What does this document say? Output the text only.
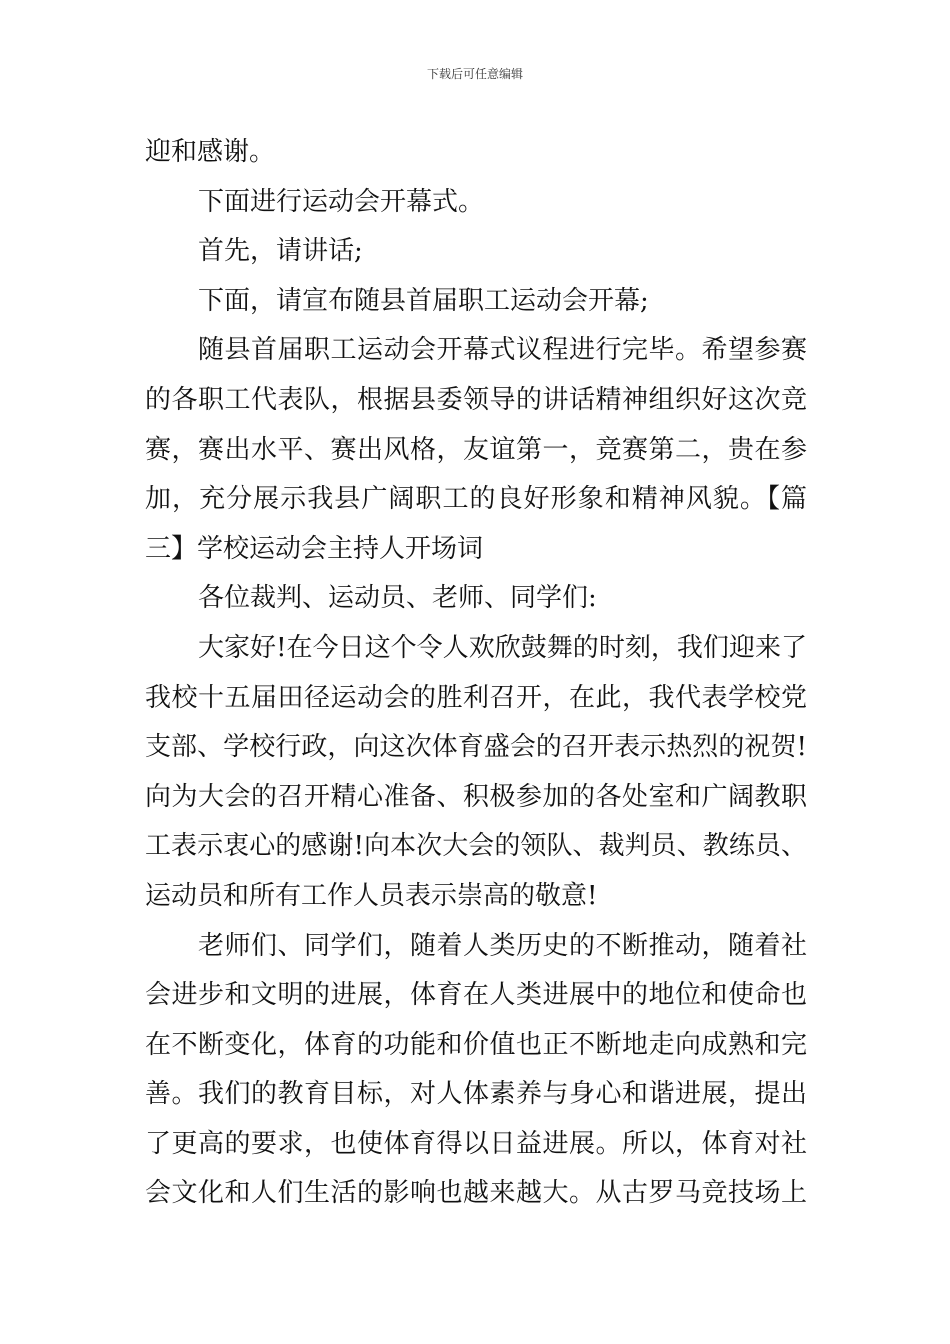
下载后可任意编辑
迎和感谢。
下面进行运动会开幕式。
首先，请讲话;
下面，请宣布随县首届职工运动会开幕;
随县首届职工运动会开幕式议程进行完毕。希望参赛
的各职工代表队，根据县委领导的讲话精神组织好这次竞
赛，赛出水平、赛出风格，友谊第一，竞赛第二，贵在参
加，充分展示我县广阔职工的良好形象和精神风貌。【篇
三】学校运动会主持人开场词
各位裁判、运动员、老师、同学们:
大家好!在今日这个令人欢欣鼓舞的时刻，我们迎来了
我校十五届田径运动会的胜利召开，在此，我代表学校党
支部、学校行政，向这次体育盛会的召开表示热烈的祝贺!
向为大会的召开精心准备、积极参加的各处室和广阔教职
工表示衷心的感谢!向本次大会的领队、裁判员、教练员、
运动员和所有工作人员表示崇高的敬意!
老师们、同学们，随着人类历史的不断推动，随着社
会进步和文明的进展，体育在人类进展中的地位和使命也
在不断变化，体育的功能和价值也正不断地走向成熟和完
善。我们的教育目标，对人体素养与身心和谐进展，提出
了更高的要求，也使体育得以日益进展。所以，体育对社
会文化和人们生活的影响也越来越大。从古罗马竞技场上
